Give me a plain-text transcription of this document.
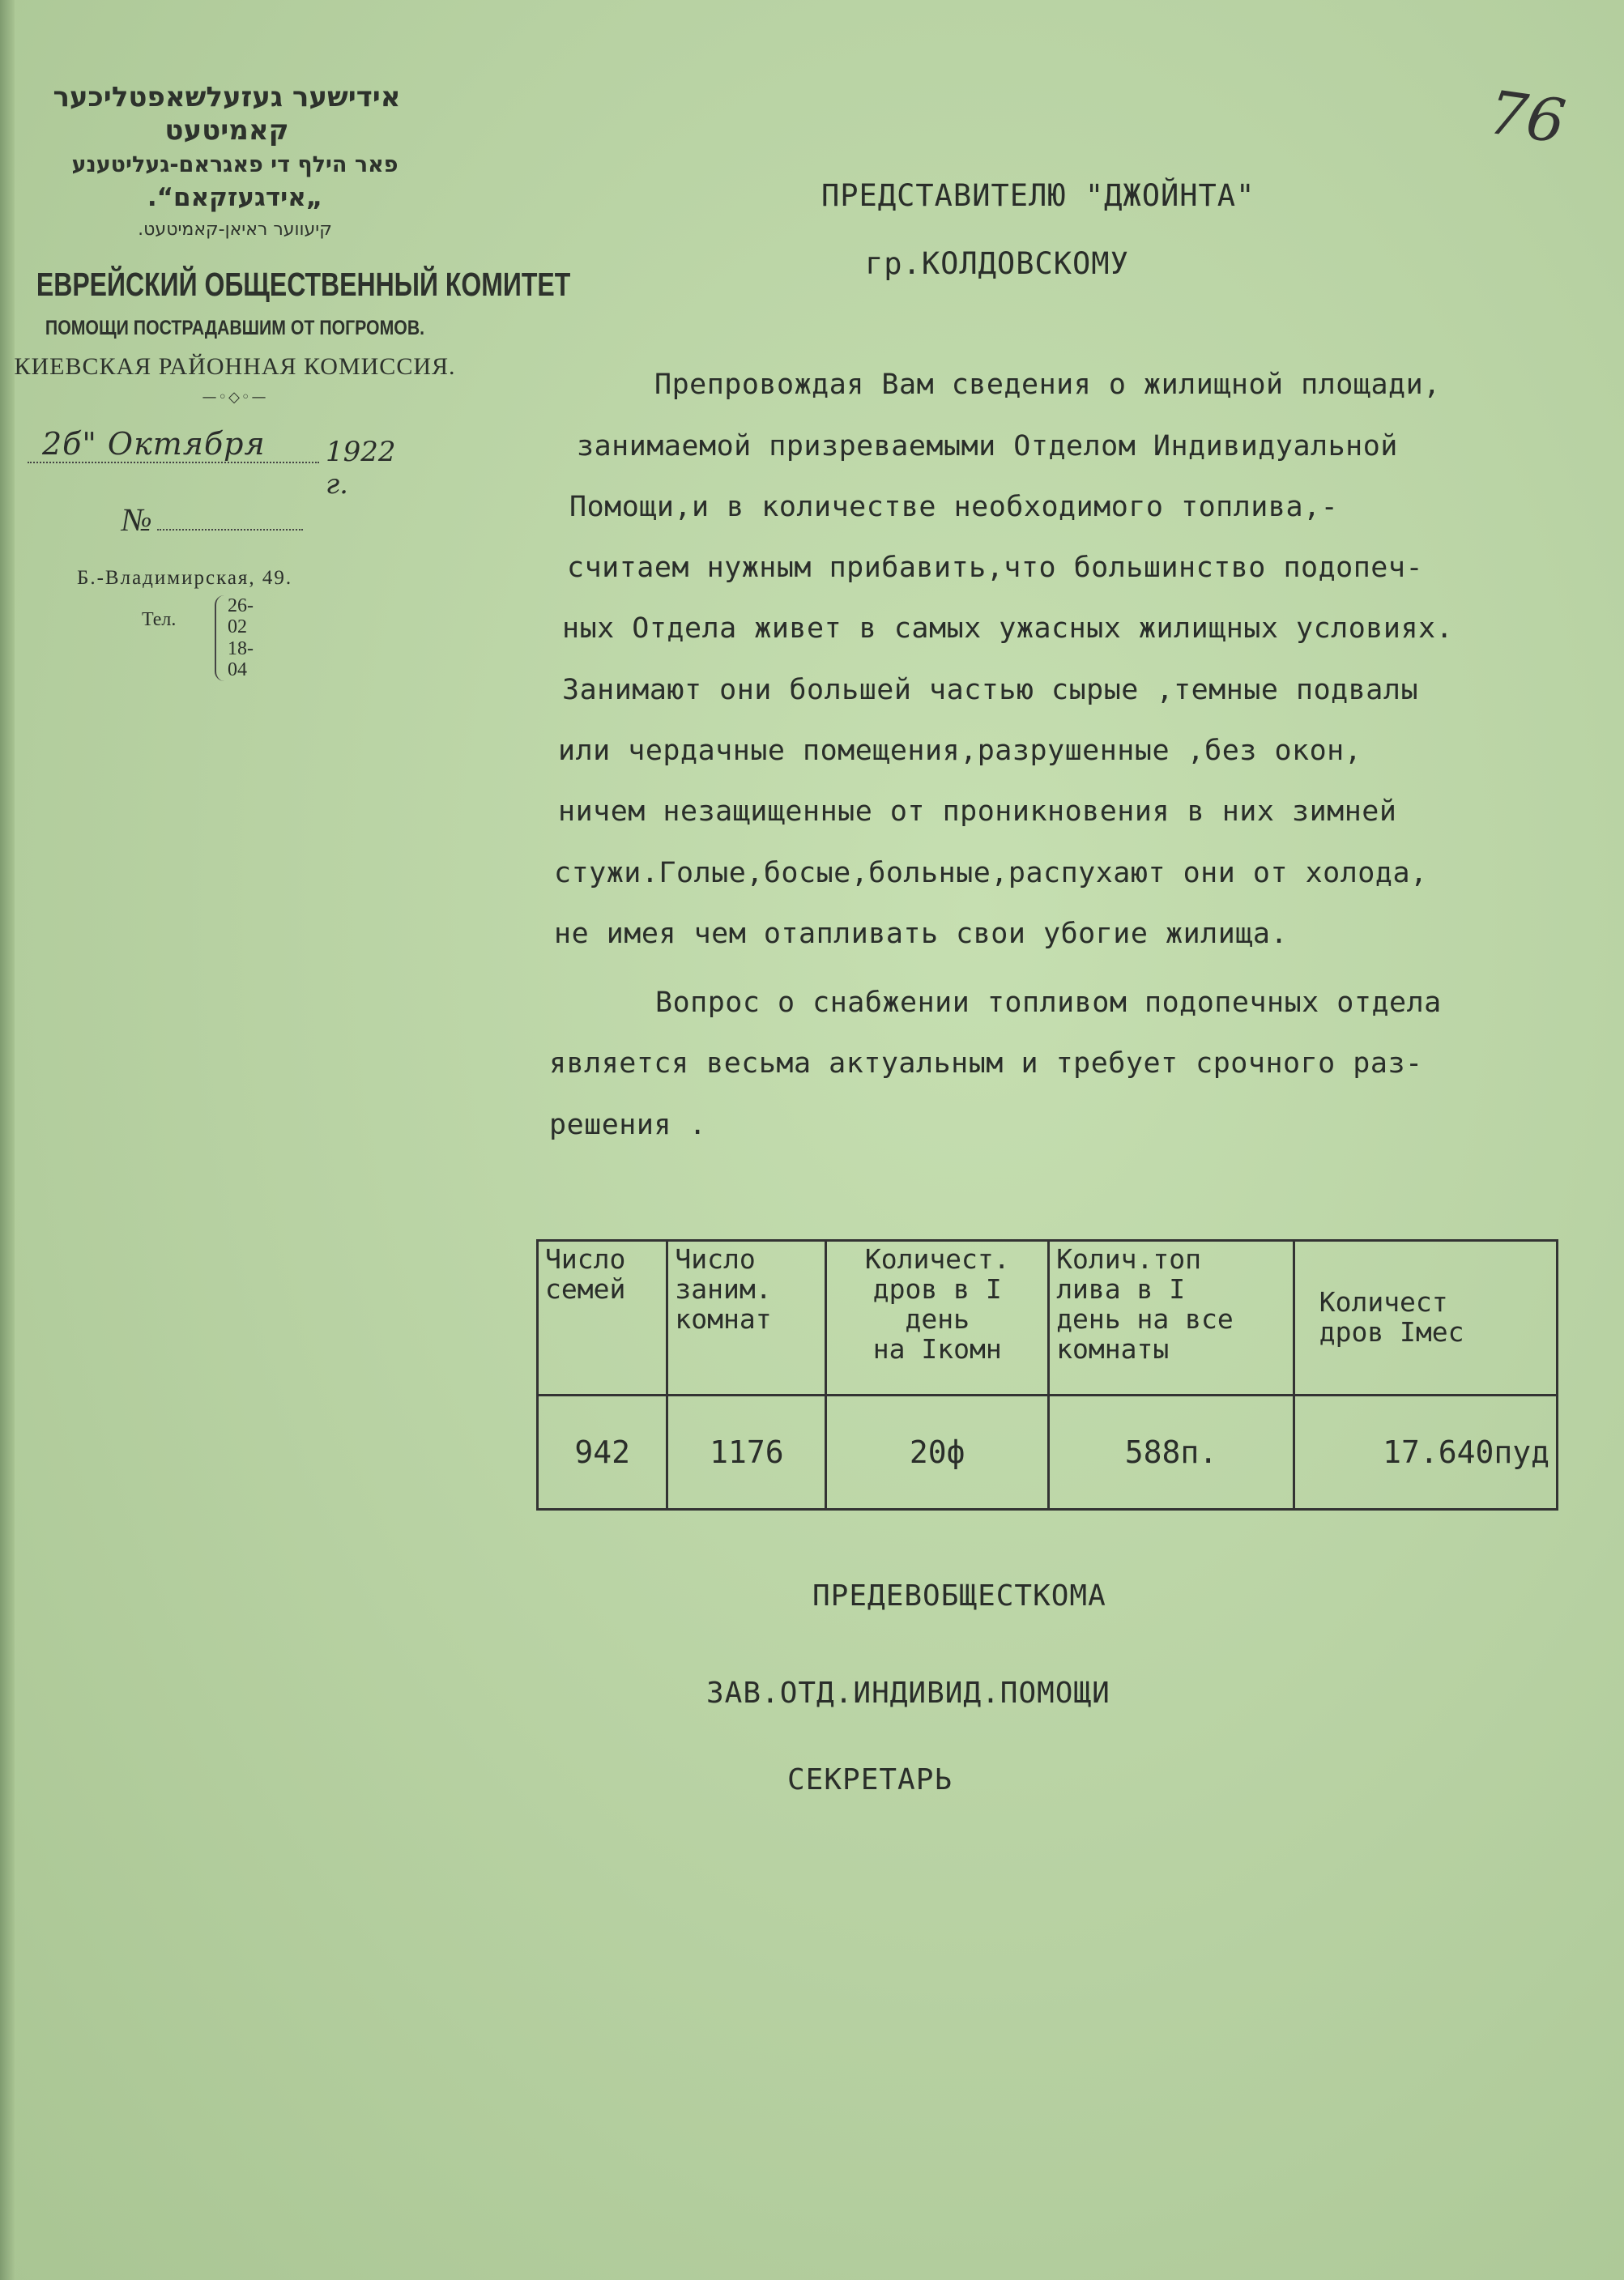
76
אידישער געזעלשאפטליכער קאמיטעט
פאר הילף די פאגראם-געליטענע
„אידגעזקאם“.
קיעווער ראיאן-קאמיטעט.
ЕВРЕЙСКИЙ ОБЩЕСТВЕННЫЙ КОМИТЕТ
ПОМОЩИ ПОСТРАДАВШИМ ОТ ПОГРОМОВ.
КИЕВСКАЯ РАЙОННАЯ КОМИССИЯ.
—◦◇◦—
2б" Октября 1922 г.
№
Б.-Владимирская, 49.
Тел.
26-02
18-04
ПРЕДСТАВИТЕЛЮ "ДЖОЙНТА"
гр.КОЛДОВСКОМУ
Препровождая Вам сведения о жилищной площади,
занимаемой призреваемыми Отделом Индивидуальной
Помощи,и в количестве необходимого топлива,-
считаем нужным прибавить,что большинство подопеч-
ных Отдела живет в самых ужасных жилищных условиях.
Занимают они большей частью сырые ,темные подвалы
или чердачные помещения,разрушенные ,без окон,
ничем незащищенные от проникновения в них зимней
стужи.Голые,босые,больные,распухают они от холода,
не имея чем отапливать свои убогие жилища.
Вопрос о снабжении топливом подопечных отдела
является весьма актуальным и требует срочного раз-
решения .
Число
семей	Число
заним.
комнат	Количест.
дров в I
день
на Iкомн	Колич.топ
лива в I
день на все
комнаты	Количест
дров Iмес
942	1176	20ф	588п.	17.640пуд
ПРЕДЕВОБЩЕСТКОМА
ЗАВ.ОТД.ИНДИВИД.ПОМОЩИ
СЕКРЕТАРЬ
